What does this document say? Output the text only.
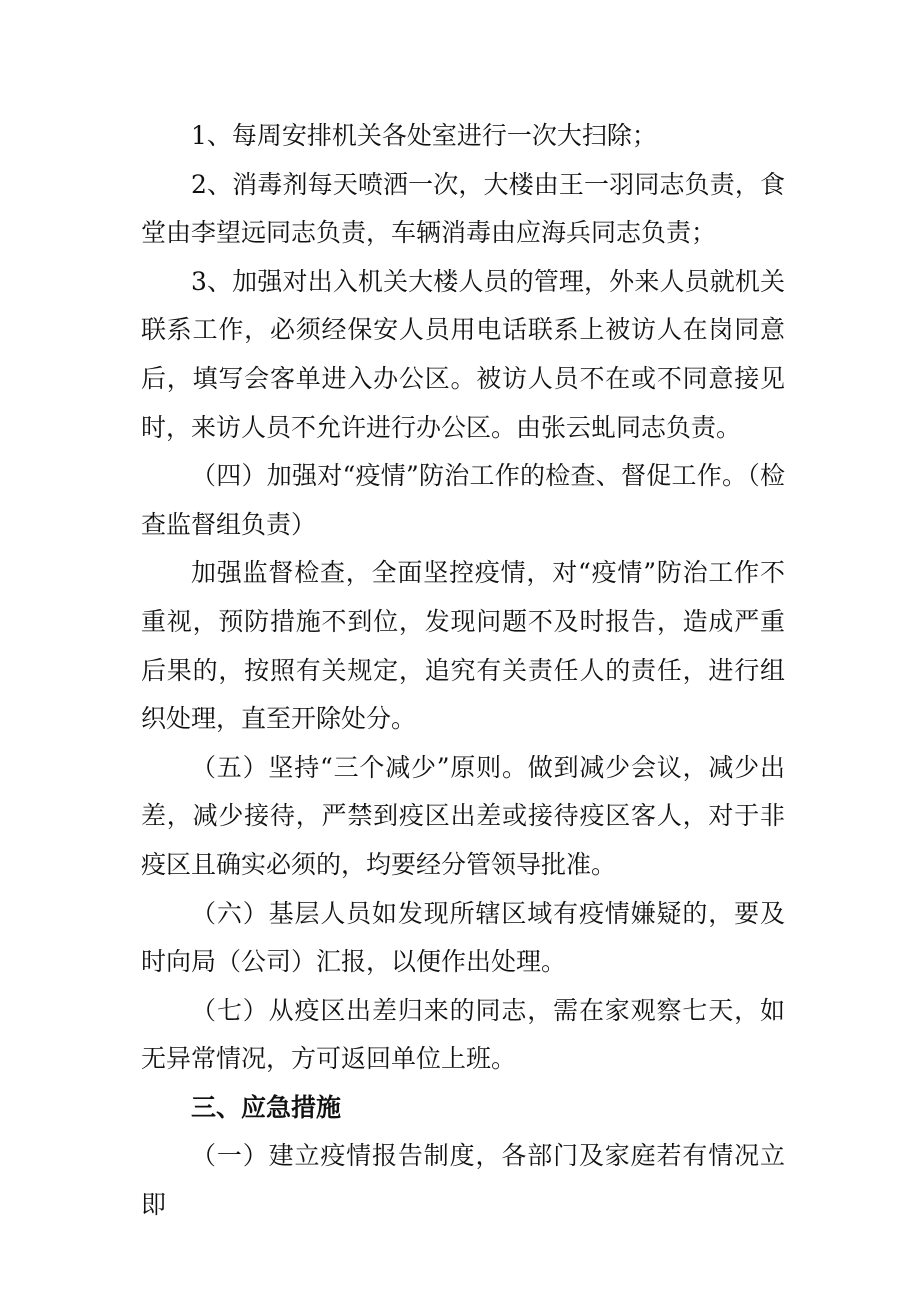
1、每周安排机关各处室进行一次大扫除；

2、消毒剂每天喷洒一次，大楼由王一羽同志负责，食堂由李望远同志负责，车辆消毒由应海兵同志负责；

3、加强对出入机关大楼人员的管理，外来人员就机关联系工作，必须经保安人员用电话联系上被访人在岗同意后，填写会客单进入办公区。被访人员不在或不同意接见时，来访人员不允许进行办公区。由张云虬同志负责。

（四）加强对“疫情”防治工作的检查、督促工作。（检查监督组负责）

加强监督检查，全面坚控疫情，对“疫情”防治工作不重视，预防措施不到位，发现问题不及时报告，造成严重后果的，按照有关规定，追究有关责任人的责任，进行组织处理，直至开除处分。

（五）坚持“三个减少”原则。做到减少会议，减少出差，减少接待，严禁到疫区出差或接待疫区客人，对于非疫区且确实必须的，均要经分管领导批准。

（六）基层人员如发现所辖区域有疫情嫌疑的，要及时向局（公司）汇报，以便作出处理。

（七）从疫区出差归来的同志，需在家观察七天，如无异常情况，方可返回单位上班。

三、应急措施

（一）建立疫情报告制度，各部门及家庭若有情况立即
